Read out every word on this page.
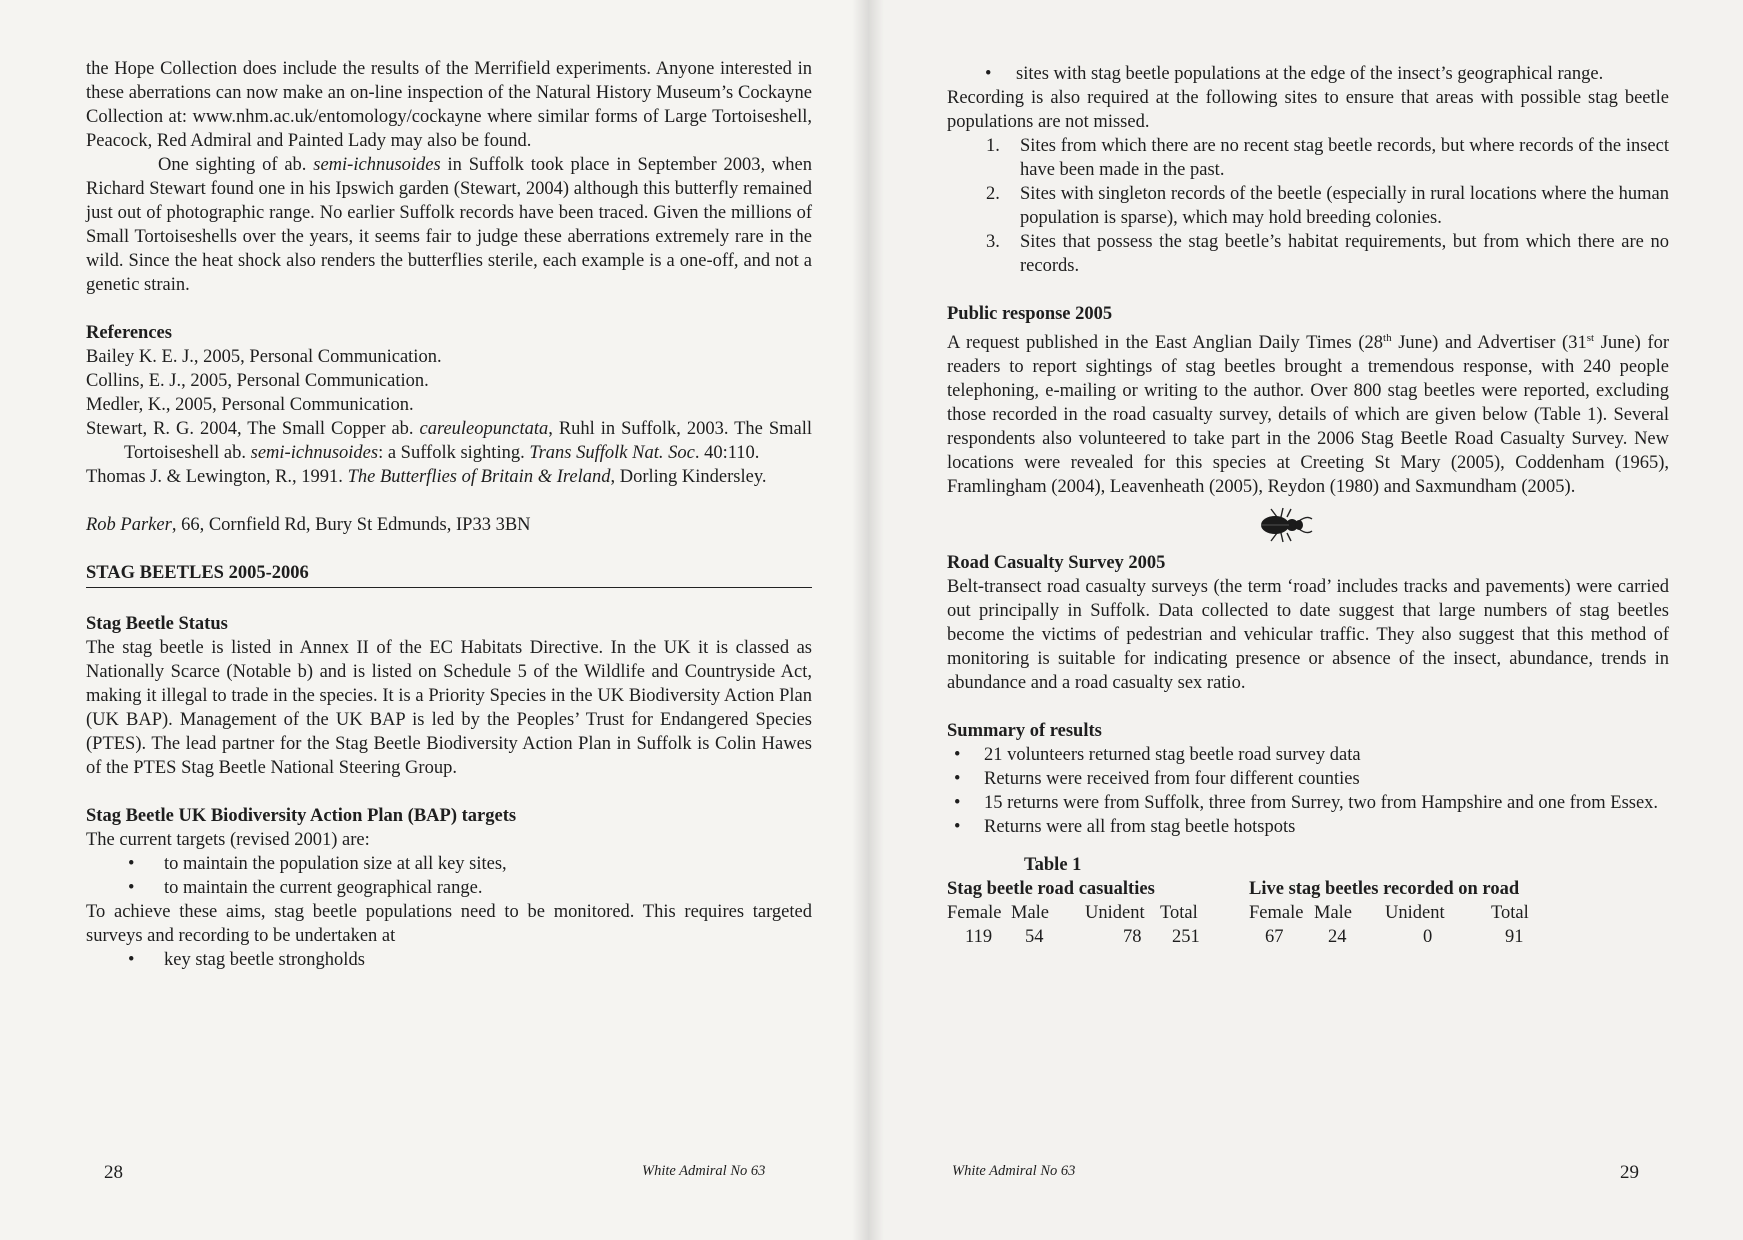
the Hope Collection does include the results of the Merrifield experiments. Anyone interested in these aberrations can now make an on-line inspection of the Natural History Museum’s Cockayne Collection at: www.nhm.ac.uk/entomology/cockayne where similar forms of Large Tortoiseshell, Peacock, Red Admiral and Painted Lady may also be found.

One sighting of ab. semi-ichnusoides in Suffolk took place in September 2003, when Richard Stewart found one in his Ipswich garden (Stewart, 2004) although this butterfly remained just out of photographic range. No earlier Suffolk records have been traced. Given the millions of Small Tortoiseshells over the years, it seems fair to judge these aberrations extremely rare in the wild. Since the heat shock also renders the butterflies sterile, each example is a one-off, and not a genetic strain.

References

Bailey K. E. J., 2005, Personal Communication.

Collins, E. J., 2005, Personal Communication.

Medler, K., 2005, Personal Communication.

Stewart, R. G. 2004, The Small Copper ab. careuleopunctata, Ruhl in Suffolk, 2003. The Small Tortoiseshell ab. semi-ichnusoides: a Suffolk sighting. Trans Suffolk Nat. Soc. 40:110.

Thomas J. & Lewington, R., 1991. The Butterflies of Britain & Ireland, Dorling Kindersley.

Rob Parker, 66, Cornfield Rd, Bury St Edmunds, IP33 3BN

STAG BEETLES 2005-2006

Stag Beetle Status

The stag beetle is listed in Annex II of the EC Habitats Directive. In the UK it is classed as Nationally Scarce (Notable b) and is listed on Schedule 5 of the Wildlife and Countryside Act, making it illegal to trade in the species. It is a Priority Species in the UK Biodiversity Action Plan (UK BAP). Management of the UK BAP is led by the Peoples’ Trust for Endangered Species (PTES). The lead partner for the Stag Beetle Biodiversity Action Plan in Suffolk is Colin Hawes of the PTES Stag Beetle National Steering Group.

Stag Beetle UK Biodiversity Action Plan (BAP) targets

The current targets (revised 2001) are:

• to maintain the population size at all key sites,
• to maintain the current geographical range.

To achieve these aims, stag beetle populations need to be monitored. This requires targeted surveys and recording to be undertaken at

• key stag beetle strongholds
28	White Admiral No 63
• sites with stag beetle populations at the edge of the insect’s geographical range.

Recording is also required at the following sites to ensure that areas with possible stag beetle populations are not missed.

1. Sites from which there are no recent stag beetle records, but where records of the insect have been made in the past.
2. Sites with singleton records of the beetle (especially in rural locations where the human population is sparse), which may hold breeding colonies.
3. Sites that possess the stag beetle’s habitat requirements, but from which there are no records.

Public response 2005

A request published in the East Anglian Daily Times (28th June) and Advertiser (31st June) for readers to report sightings of stag beetles brought a tremendous response, with 240 people telephoning, e-mailing or writing to the author. Over 800 stag beetles were reported, excluding those recorded in the road casualty survey, details of which are given below (Table 1). Several respondents also volunteered to take part in the 2006 Stag Beetle Road Casualty Survey. New locations were revealed for this species at Creeting St Mary (2005), Coddenham (1965), Framlingham (2004), Leavenheath (2005), Reydon (1980) and Saxmundham (2005).

Road Casualty Survey 2005

Belt-transect road casualty surveys (the term ‘road’ includes tracks and pavements) were carried out principally in Suffolk. Data collected to date suggest that large numbers of stag beetles become the victims of pedestrian and vehicular traffic. They also suggest that this method of monitoring is suitable for indicating presence or absence of the insect, abundance, trends in abundance and a road casualty sex ratio.

Summary of results

• 21 volunteers returned stag beetle road survey data
• Returns were received from four different counties
• 15 returns were from Suffolk, three from Surrey, two from Hampshire and one from Essex.
• Returns were all from stag beetle hotspots

Table 1

Stag beetle road casualties	Live stag beetles recorded on road
Female Male	Unident Total	Female Male	Unident	Total
119	54	78	251	67	24	0	91
White Admiral No 63	29
